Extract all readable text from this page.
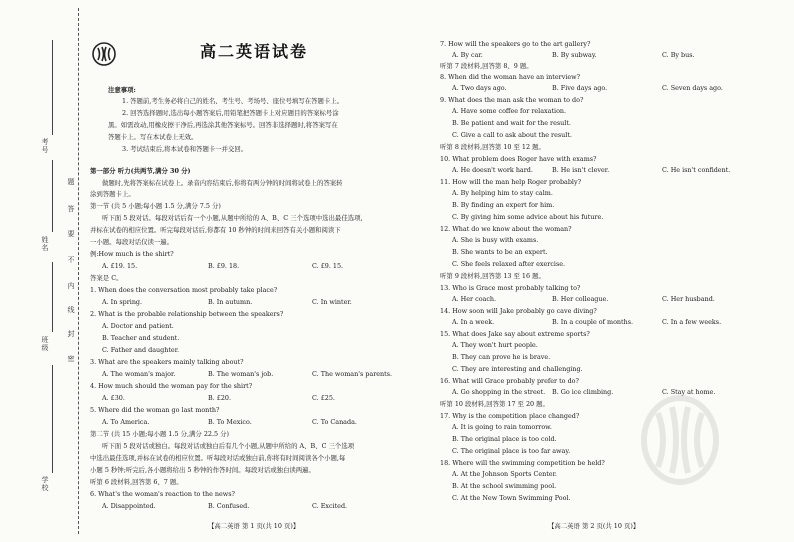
考号
姓名
班级
学校
题
答
要
不
内
线
封
密
高二英语试卷
注意事项:
1. 答题前,考生务必将自己的姓名、考生号、考场号、座位号填写在答题卡上。
2. 回答选择题时,选出每小题答案后,用铅笔把答题卡上对应题目的答案标号涂
黑。如需改动,用橡皮擦干净后,再选涂其他答案标号。回答非选择题时,将答案写在
答题卡上。写在本试卷上无效。
3. 考试结束后,将本试卷和答题卡一并交回。
第一部分 听力(共两节,满分 30 分)
做题时,先将答案标在试卷上。录音内容结束后,你将有两分钟的时间将试卷上的答案转
涂到答题卡上。
第一节 (共 5 小题;每小题 1.5 分,满分 7.5 分)
听下面 5 段对话。每段对话后有一个小题,从题中所给的 A、B、C 三个选项中选出最佳选项,
并标在试卷的相应位置。听完每段对话后,你都有 10 秒钟的时间来回答有关小题和阅读下
一小题。每段对话仅读一遍。
例:How much is the shirt?
A. £19. 15.	B. £9. 18.	C. £9. 15.
答案是 C。
1. When does the conversation most probably take place?
A. In spring.	B. In autumn.	C. In winter.
2. What is the probable relationship between the speakers?
A. Doctor and patient.
B. Teacher and student.
C. Father and daughter.
3. What are the speakers mainly talking about?
A. The woman's major.	B. The woman's job.	C. The woman's parents.
4. How much should the woman pay for the shirt?
A. £30.	B. £20.	C. £25.
5. Where did the woman go last month?
A. To America.	B. To Mexico.	C. To Canada.
第二节 (共 15 小题;每小题 1.5 分,满分 22.5 分)
听下面 5 段对话或独白。每段对话或独白后有几个小题,从题中所给的 A、B、C 三个选项
中选出最佳选项,并标在试卷的相应位置。听每段对话或独白前,你将有时间阅读各个小题,每
小题 5 秒钟;听完后,各小题将给出 5 秒钟的作答时间。每段对话或独白读两遍。
听第 6 段材料,回答第 6、7 题。
6. What's the woman's reaction to the news?
A. Disappointed.	B. Confused.	C. Excited.
【高二英语 第 1 页(共 10 页)】
7. How will the speakers go to the art gallery?
A. By car.	B. By subway.	C. By bus.
听第 7 段材料,回答第 8、9 题。
8. When did the woman have an interview?
A. Two days ago.	B. Five days ago.	C. Seven days ago.
9. What does the man ask the woman to do?
A. Have some coffee for relaxation.
B. Be patient and wait for the result.
C. Give a call to ask about the result.
听第 8 段材料,回答第 10 至 12 题。
10. What problem does Roger have with exams?
A. He doesn't work hard.	B. He isn't clever.	C. He isn't confident.
11. How will the man help Roger probably?
A. By helping him to stay calm.
B. By finding an expert for him.
C. By giving him some advice about his future.
12. What do we know about the woman?
A. She is busy with exams.
B. She wants to be an expert.
C. She feels relaxed after exercise.
听第 9 段材料,回答第 13 至 16 题。
13. Who is Grace most probably talking to?
A. Her coach.	B. Her colleague.	C. Her husband.
14. How soon will Jake probably go cave diving?
A. In a week.	B. In a couple of months.	C. In a few weeks.
15. What does Jake say about extreme sports?
A. They won't hurt people.
B. They can prove he is brave.
C. They are interesting and challenging.
16. What will Grace probably prefer to do?
A. Go shopping in the street. B. Go ice climbing.	C. Stay at home.
听第 10 段材料,回答第 17 至 20 题。
17. Why is the competition place changed?
A. It is going to rain tomorrow.
B. The original place is too cold.
C. The original place is too far away.
18. Where will the swimming competition be held?
A. At the Johnson Sports Center.
B. At the school swimming pool.
C. At the New Town Swimming Pool.
【高二英语 第 2 页(共 10 页)】
